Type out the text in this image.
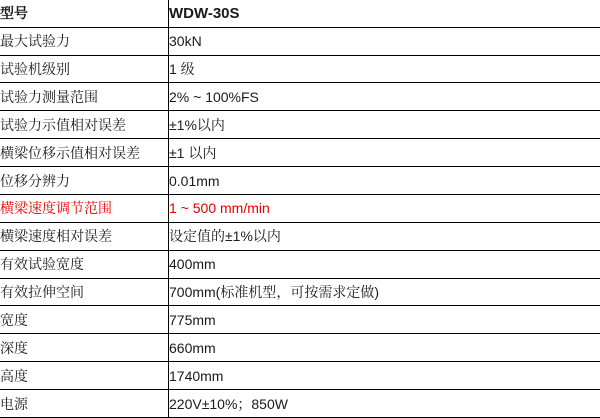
型号	WDW-30S
最大试验力	30kN
试验机级别	1 级
试验力测量范围	2% ~ 100%FS
试验力示值相对误差	±1%以内
横梁位移示值相对误差	±1 以内
位移分辨力	0.01mm
横梁速度调节范围	1 ~ 500 mm/min
横梁速度相对误差	设定值的±1%以内
有效试验宽度	400mm
有效拉伸空间	700mm(标准机型，可按需求定做)
宽度	775mm
深度	660mm
高度	1740mm
电源	220V±10%；850W
